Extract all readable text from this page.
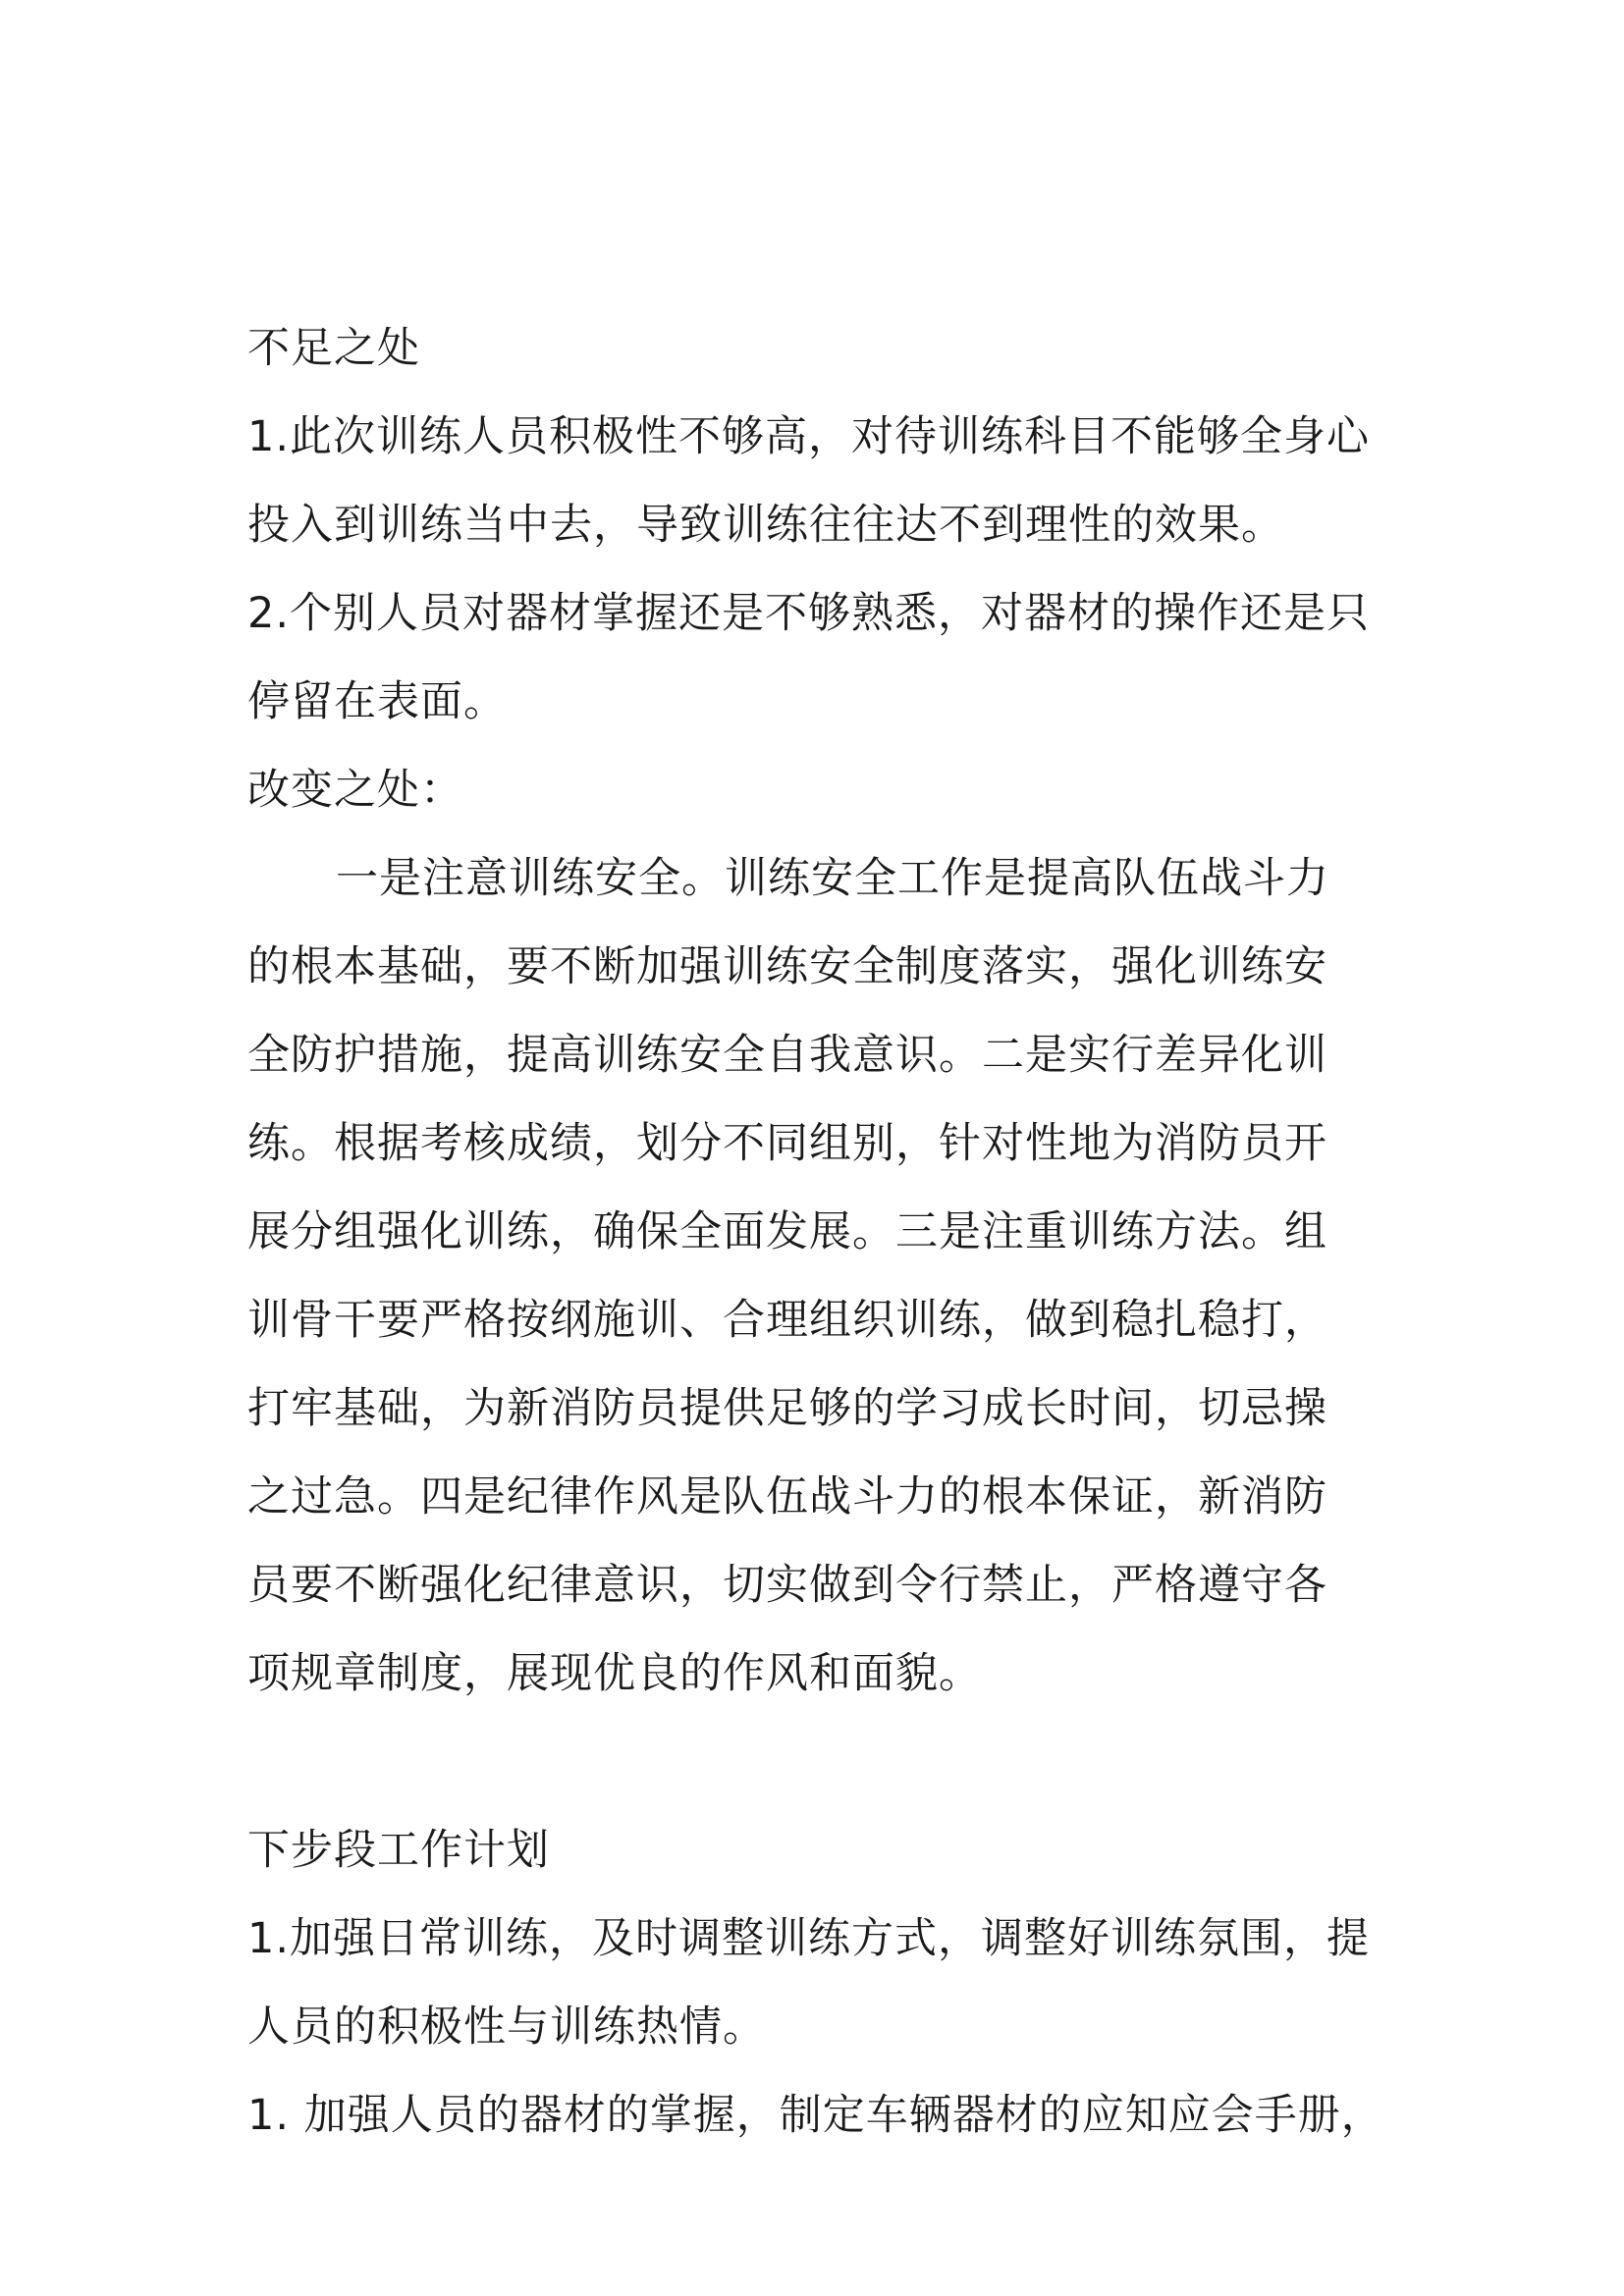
不足之处
1.此次训练人员积极性不够高，对待训练科目不能够全身心
投入到训练当中去，导致训练往往达不到理性的效果。
2.个别人员对器材掌握还是不够熟悉，对器材的操作还是只
停留在表面。
改变之处：
一是注意训练安全。训练安全工作是提高队伍战斗力
的根本基础，要不断加强训练安全制度落实，强化训练安
全防护措施，提高训练安全自我意识。二是实行差异化训
练。根据考核成绩，划分不同组别，针对性地为消防员开
展分组强化训练，确保全面发展。三是注重训练方法。组
训骨干要严格按纲施训、合理组织训练，做到稳扎稳打，
打牢基础，为新消防员提供足够的学习成长时间，切忌操
之过急。四是纪律作风是队伍战斗力的根本保证，新消防
员要不断强化纪律意识，切实做到令行禁止，严格遵守各
项规章制度，展现优良的作风和面貌。
下步段工作计划
1.加强日常训练，及时调整训练方式，调整好训练氛围，提
人员的积极性与训练热情。
1. 加强人员的器材的掌握，制定车辆器材的应知应会手册，
